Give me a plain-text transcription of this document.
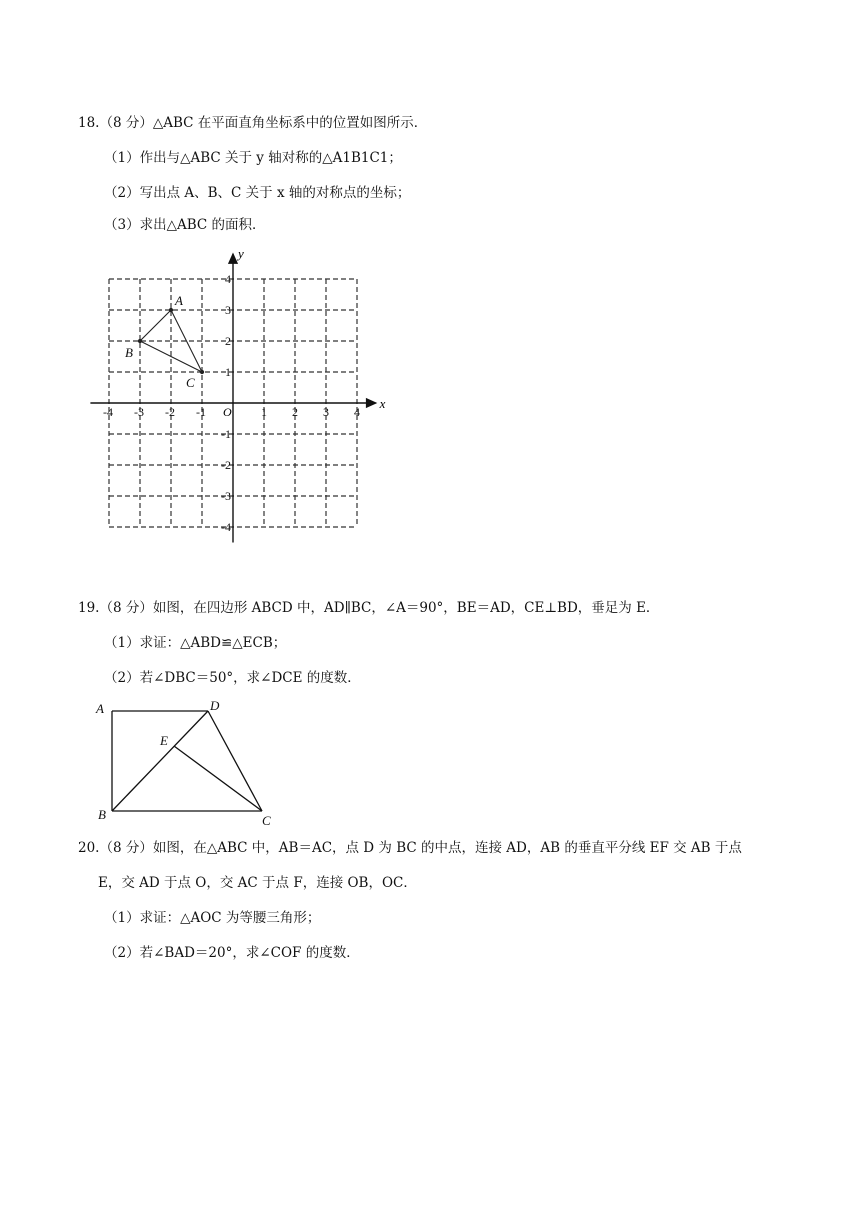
18.（8 分）△ABC 在平面直角坐标系中的位置如图所示．
（1）作出与△ABC 关于 y 轴对称的△A1B1C1；
（2）写出点 A、B、C 关于 x 轴的对称点的坐标；
（3）求出△ABC 的面积．
-4 -3 -2 -1	1 2 3 4
4
3
2
1
-1
-2
-3
-4
A
B
C
x
y
O
19.（8 分）如图，在四边形 ABCD 中，AD∥BC，∠A＝90°，BE＝AD，CE⊥BD，垂足为 E．
（1）求证：△ABD≌△ECB；
（2）若∠DBC＝50°，求∠DCE 的度数．
A	D
E
B	C
20.（8 分）如图，在△ABC 中，AB＝AC，点 D 为 BC 的中点，连接 AD，AB 的垂直平分线 EF 交 AB 于点
E，交 AD 于点 O，交 AC 于点 F，连接 OB，OC．
（1）求证：△AOC 为等腰三角形；
（2）若∠BAD＝20°，求∠COF 的度数．
